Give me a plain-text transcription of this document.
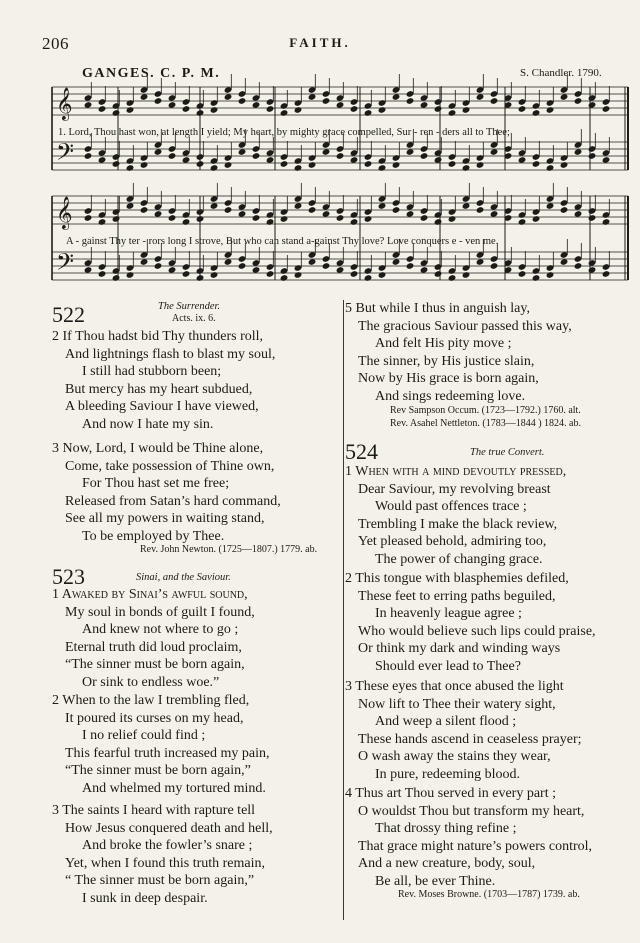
206	FAITH.
GANGES. C. P. M.	S. Chandler. 1790.
𝄞
𝄢
𝄞
𝄢
1. Lord, Thou hast won, at length I yield; My heart, by mighty grace compelled, Sur - ren - ders all to Thee;
A - gainst Thy ter - rors long I strove, But who can stand a-gainst Thy love? Love conquers e - ven me.
522	The Surrender.
Acts. ix. 6.
2 If Thou hadst bid Thy thunders roll,
And lightnings flash to blast my soul,
I still had stubborn been;
But mercy has my heart subdued,
A bleeding Saviour I have viewed,
And now I hate my sin.
3 Now, Lord, I would be Thine alone,
Come, take possession of Thine own,
For Thou hast set me free;
Released from Satan’s hard command,
See all my powers in waiting stand,
To be employed by Thee.
Rev. John Newton. (1725—1807.) 1779. ab.
523	Sinai, and the Saviour.
1 Awaked by Sinai’s awful sound,
My soul in bonds of guilt I found,
And knew not where to go ;
Eternal truth did loud proclaim,
“The sinner must be born again,
Or sink to endless woe.”
2 When to the law I trembling fled,
It poured its curses on my head,
I no relief could find ;
This fearful truth increased my pain,
“The sinner must be born again,”
And whelmed my tortured mind.
3 The saints I heard with rapture tell
How Jesus conquered death and hell,
And broke the fowler’s snare ;
Yet, when I found this truth remain,
“ The sinner must be born again,”
I sunk in deep despair.
5 But while I thus in anguish lay,
The gracious Saviour passed this way,
And felt His pity move ;
The sinner, by His justice slain,
Now by His grace is born again,
And sings redeeming love.
Rev Sampson Occum. (1723—1792.) 1760. alt.
Rev. Asahel Nettleton. (1783—1844 ) 1824. ab.
524	The true Convert.
1 When with a mind devoutly pressed,
Dear Saviour, my revolving breast
Would past offences trace ;
Trembling I make the black review,
Yet pleased behold, admiring too,
The power of changing grace.
2 This tongue with blasphemies defiled,
These feet to erring paths beguiled,
In heavenly league agree ;
Who would believe such lips could praise,
Or think my dark and winding ways
Should ever lead to Thee?
3 These eyes that once abused the light
Now lift to Thee their watery sight,
And weep a silent flood ;
These hands ascend in ceaseless prayer;
O wash away the stains they wear,
In pure, redeeming blood.
4 Thus art Thou served in every part ;
O wouldst Thou but transform my heart,
That drossy thing refine ;
That grace might nature’s powers control,
And a new creature, body, soul,
Be all, be ever Thine.
Rev. Moses Browne. (1703—1787) 1739. ab.
